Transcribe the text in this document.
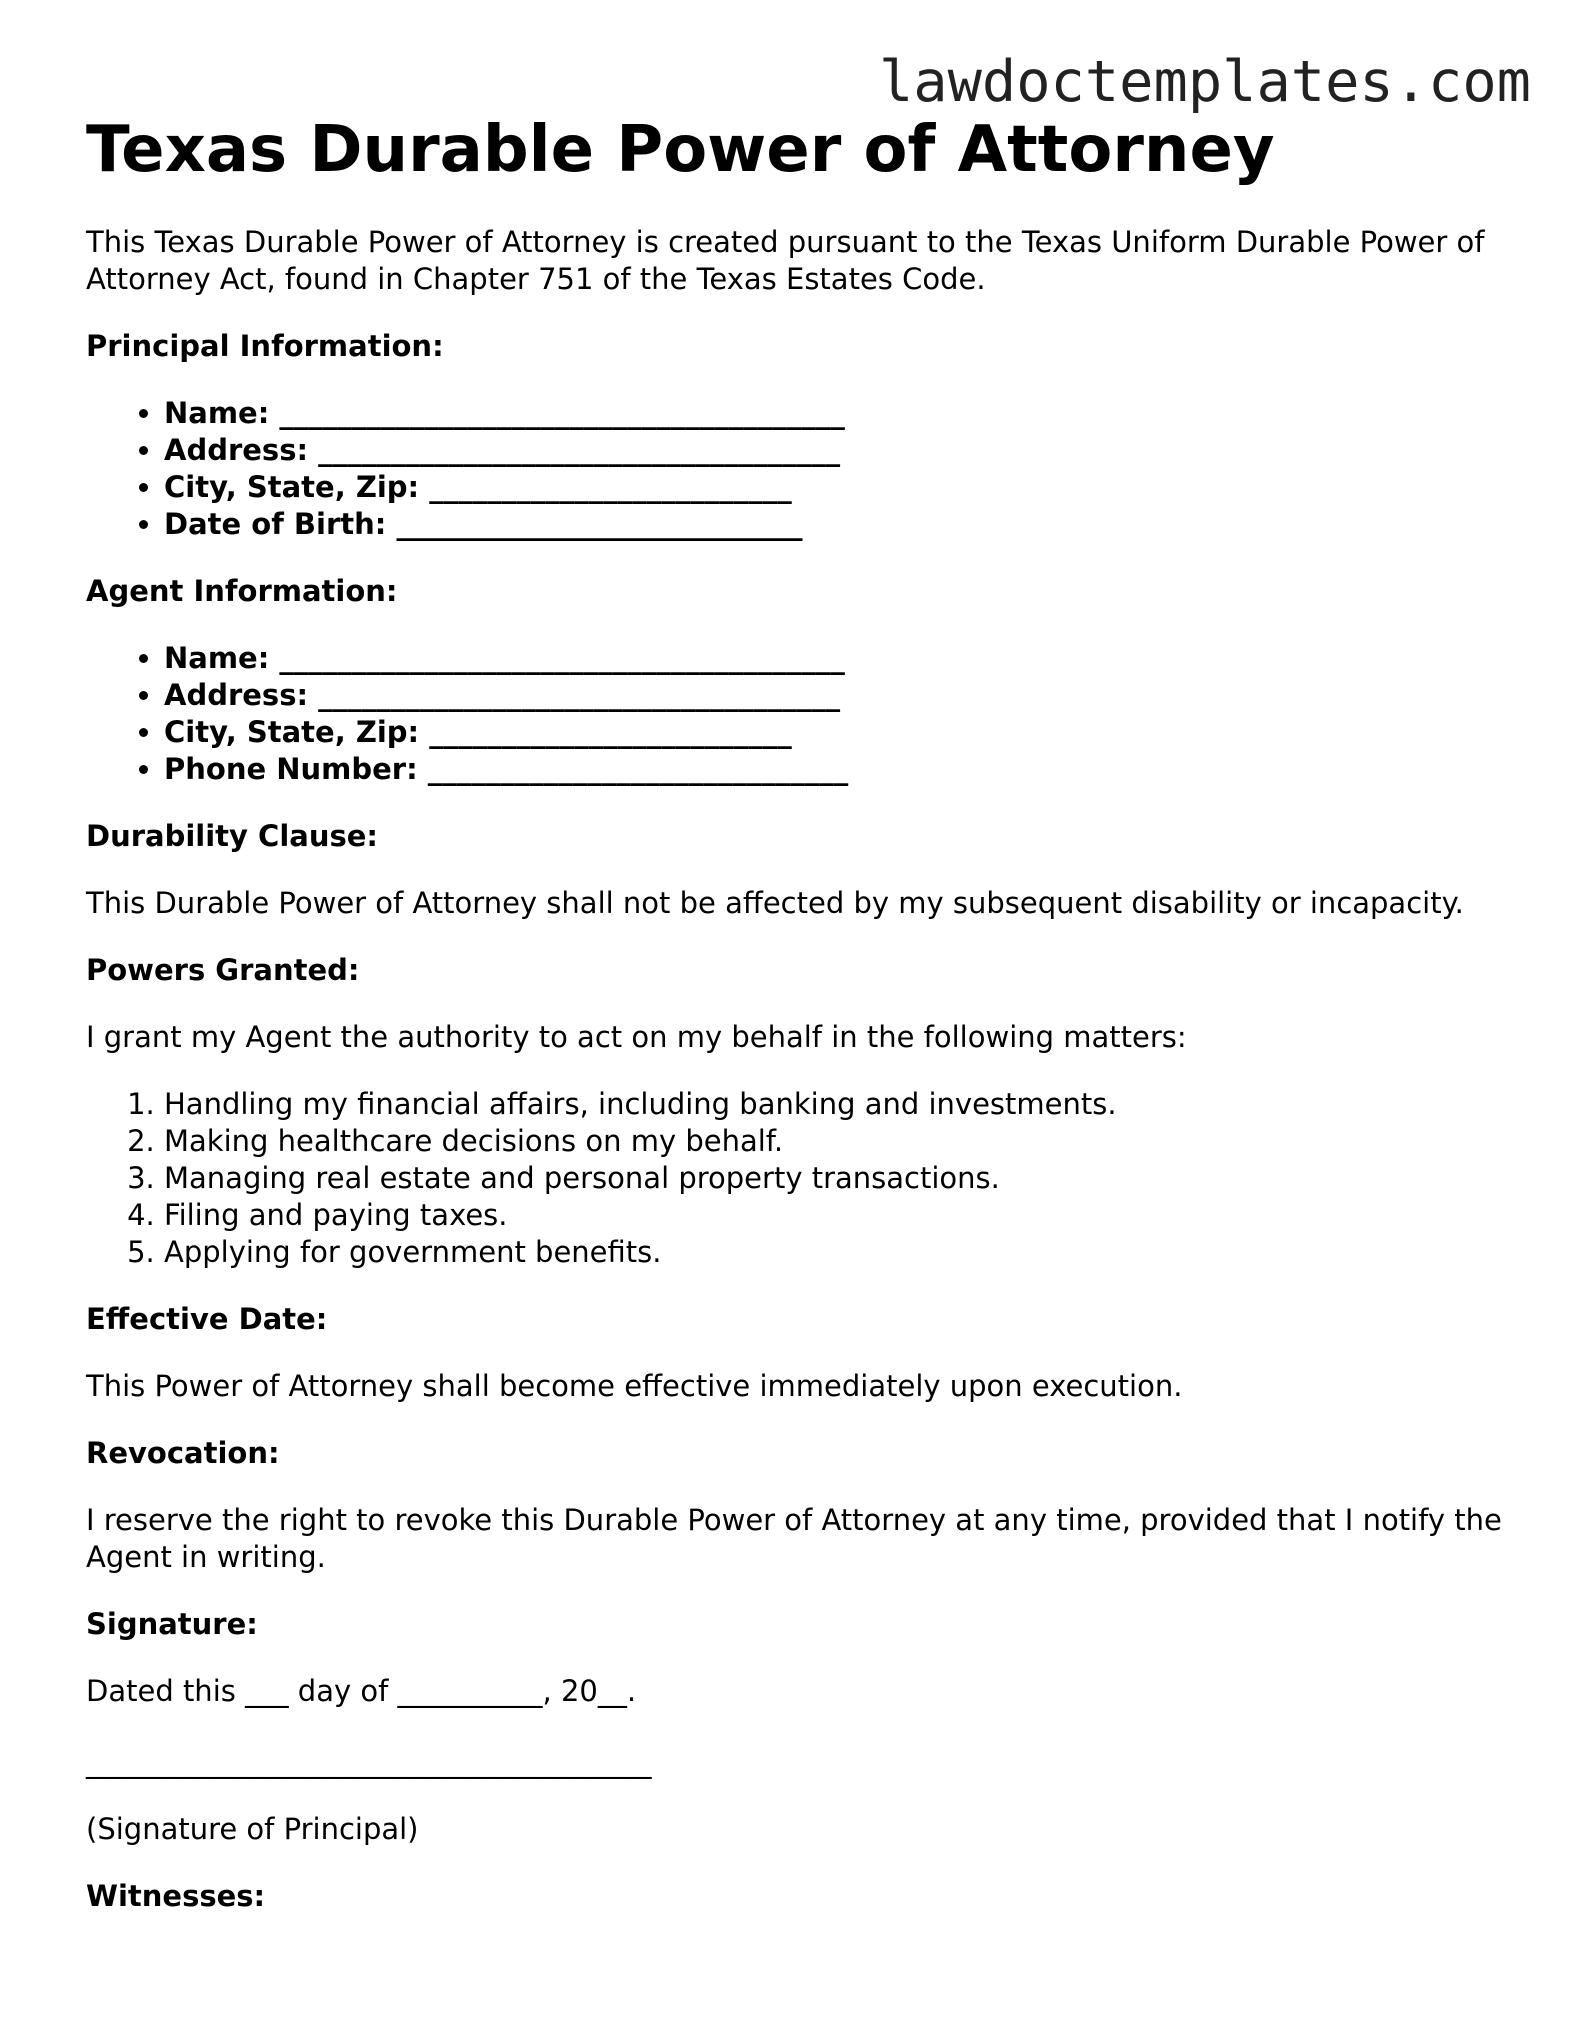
lawdoctemplates.com
Texas Durable Power of Attorney

This Texas Durable Power of Attorney is created pursuant to the Texas Uniform Durable Power of Attorney Act, found in Chapter 751 of the Texas Estates Code.

Principal Information:

• Name: _______________________________________
• Address: ____________________________________
• City, State, Zip: _________________________
• Date of Birth: ____________________________

Agent Information:

• Name: _______________________________________
• Address: ____________________________________
• City, State, Zip: _________________________
• Phone Number: _____________________________

Durability Clause:

This Durable Power of Attorney shall not be affected by my subsequent disability or incapacity.

Powers Granted:

I grant my Agent the authority to act on my behalf in the following matters:

1. Handling my financial affairs, including banking and investments.
2. Making healthcare decisions on my behalf.
3. Managing real estate and personal property transactions.
4. Filing and paying taxes.
5. Applying for government benefits.

Effective Date:

This Power of Attorney shall become effective immediately upon execution.

Revocation:

I reserve the right to revoke this Durable Power of Attorney at any time, provided that I notify the Agent in writing.

Signature:

Dated this ___ day of __________, 20__.

_______________________________________

(Signature of Principal)

Witnesses:
